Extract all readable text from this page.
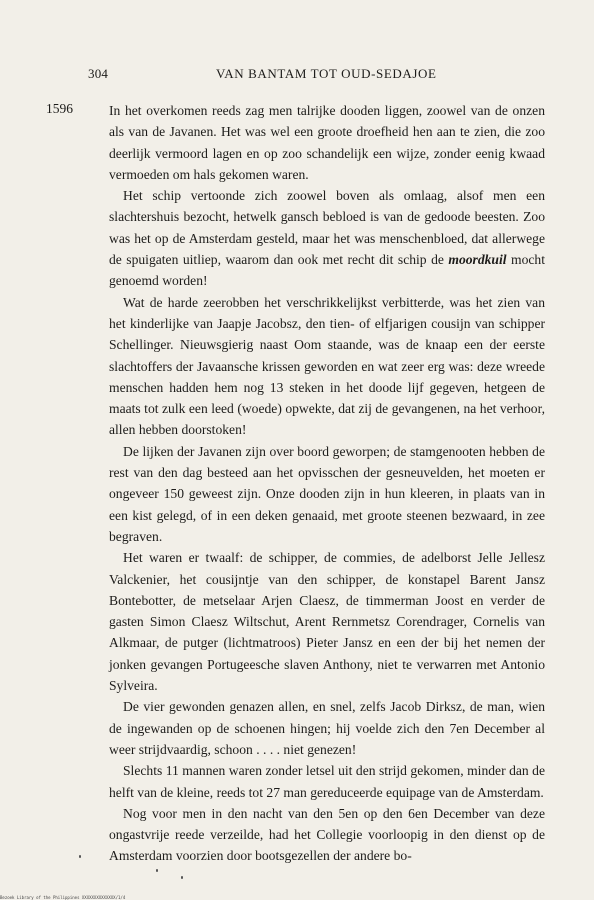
304	VAN BANTAM TOT OUD-SEDAJOE
1596	In het overkomen reeds zag men talrijke dooden liggen, zoowel van de onzen als van de Javanen. Het was wel een groote droefheid hen aan te zien, die zoo deerlijk vermoord lagen en op zoo schandelijk een wijze, zonder eenig kwaad vermoeden om hals gekomen waren.

Het schip vertoonde zich zoowel boven als omlaag, alsof men een slachtershuis bezocht, hetwelk gansch bebloed is van de gedoode beesten. Zoo was het op de Amsterdam gesteld, maar het was menschenbloed, dat allerwege de spuigaten uitliep, waarom dan ook met recht dit schip de moordkuil mocht genoemd worden!

Wat de harde zeerobben het verschrikkelijkst verbitterde, was het zien van het kinderlijke van Jaapje Jacobsz, den tien- of elfjarigen cousijn van schipper Schellinger. Nieuwsgierig naast Oom staande, was de knaap een der eerste slachtoffers der Javaansche krissen geworden en wat zeer erg was: deze wreede menschen hadden hem nog 13 steken in het doode lijf gegeven, hetgeen de maats tot zulk een leed (woede) opwekte, dat zij de gevangenen, na het verhoor, allen hebben doorstoken!

De lijken der Javanen zijn over boord geworpen; de stamgenooten hebben de rest van den dag besteed aan het opvisschen der gesneuvelden, het moeten er ongeveer 150 geweest zijn. Onze dooden zijn in hun kleeren, in plaats van in een kist gelegd, of in een deken genaaid, met groote steenen bezwaard, in zee begraven.

Het waren er twaalf: de schipper, de commies, de adelborst Jelle Jellesz Valckenier, het cousijntje van den schipper, de konstapel Barent Jansz Bontebotter, de metselaar Arjen Claesz, de timmerman Joost en verder de gasten Simon Claesz Wiltschut, Arent Rernmetsz Corendrager, Cornelis van Alkmaar, de putger (lichtmatroos) Pieter Jansz en een der bij het nemen der jonken gevangen Portugeesche slaven Anthony, niet te verwarren met Antonio Sylveira.

De vier gewonden genazen allen, en snel, zelfs Jacob Dirksz, de man, wien de ingewanden op de schoenen hingen; hij voelde zich den 7en December al weer strijdvaardig, schoon . . . . niet genezen!

Slechts 11 mannen waren zonder letsel uit den strijd gekomen, minder dan de helft van de kleine, reeds tot 27 man gereduceerde equipage van de Amsterdam.

Nog voor men in den nacht van den 5en op den 6en December van deze ongastvrije reede verzeilde, had het Collegie voorloopig in den dienst op de Amsterdam voorzien door bootsgezellen der andere bo-

Bezoek Library of the Philippines XXXXXXXXXXXXXX/1/4
